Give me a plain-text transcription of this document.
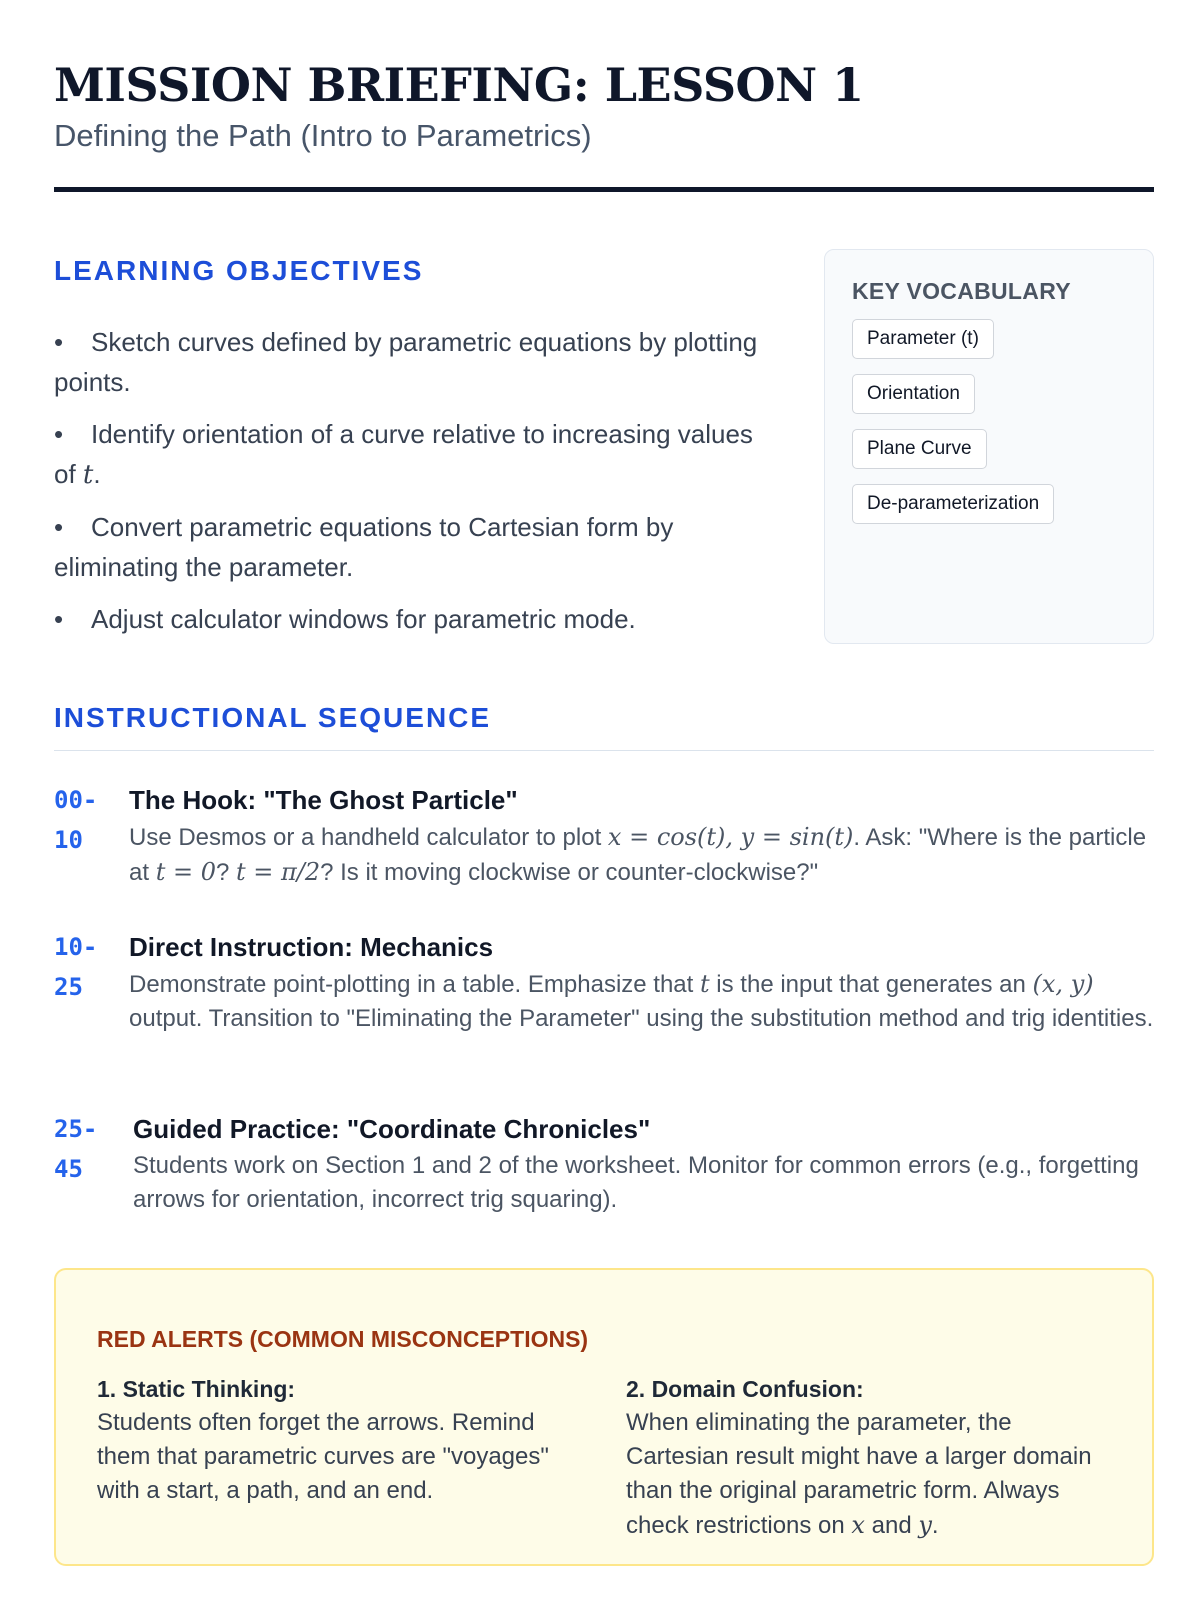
MISSION BRIEFING: LESSON 1
Defining the Path (Intro to Parametrics)
LEARNING OBJECTIVES
• Sketch curves defined by parametric equations by plotting points.
• Identify orientation of a curve relative to increasing values of t.
• Convert parametric equations to Cartesian form by eliminating the parameter.
• Adjust calculator windows for parametric mode.
KEY VOCABULARY
Parameter (t)
Orientation
Plane Curve
De-parameterization
INSTRUCTIONAL SEQUENCE
00-
10
The Hook: "The Ghost Particle"
Use Desmos or a handheld calculator to plot x = cos(t), y = sin(t). Ask: "Where is the particle at t = 0? t = π/2? Is it moving clockwise or counter-clockwise?"
10-
25
Direct Instruction: Mechanics
Demonstrate point-plotting in a table. Emphasize that t is the input that generates an (x, y) output. Transition to "Eliminating the Parameter" using the substitution method and trig identities.
25-
45
Guided Practice: "Coordinate Chronicles"
Students work on Section 1 and 2 of the worksheet. Monitor for common errors (e.g., forgetting arrows for orientation, incorrect trig squaring).
RED ALERTS (COMMON MISCONCEPTIONS)
1. Static Thinking:
Students often forget the arrows. Remind them that parametric curves are "voyages" with a start, a path, and an end.
2. Domain Confusion:
When eliminating the parameter, the Cartesian result might have a larger domain than the original parametric form. Always check restrictions on x and y.
